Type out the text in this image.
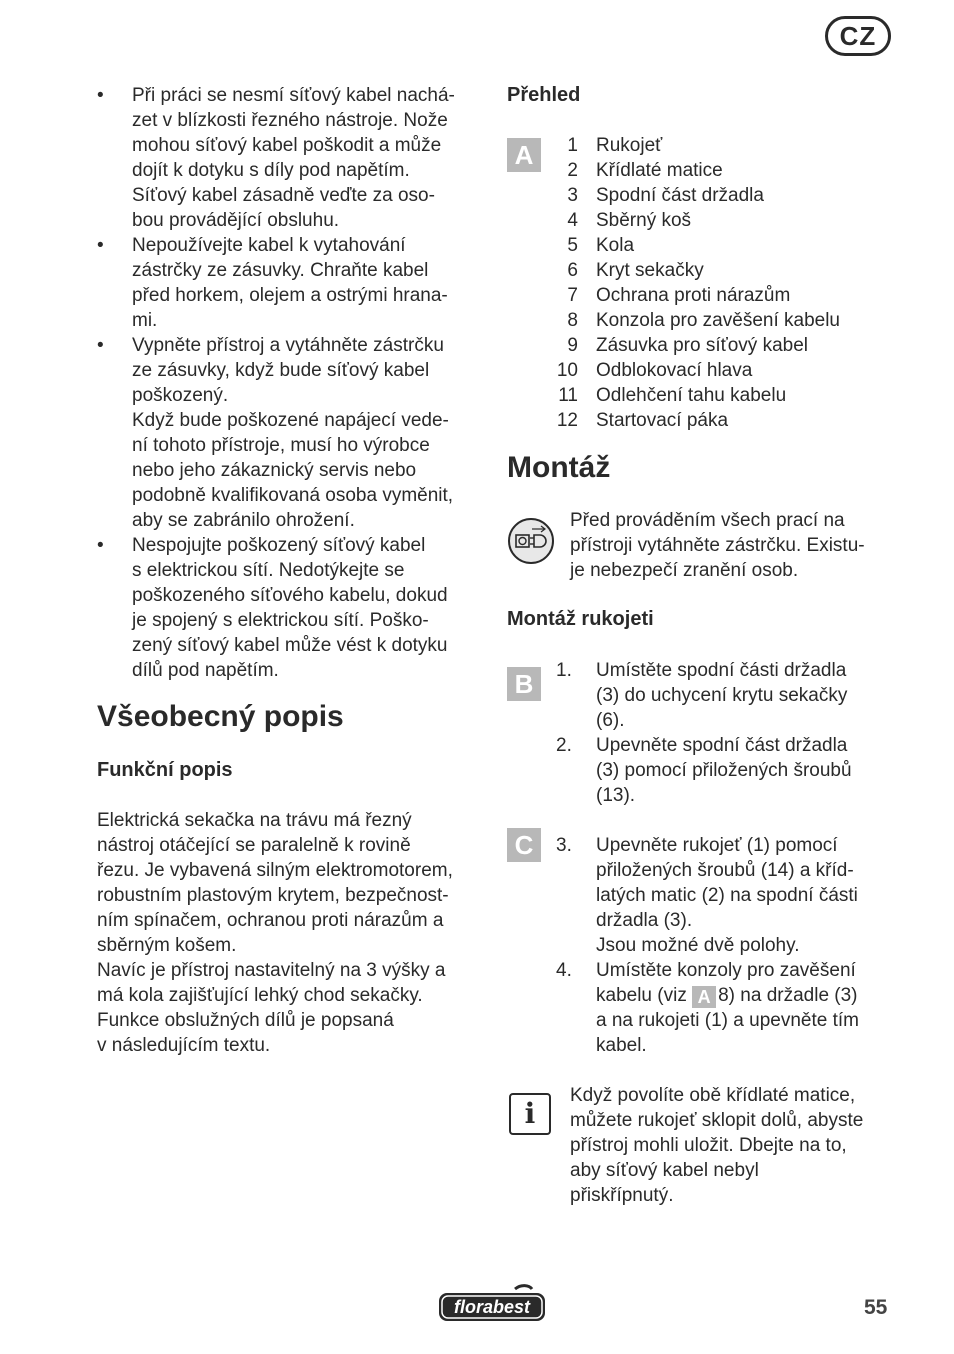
CZ
• Při práci se nesmí síťový kabel nachá-
zet v blízkosti řezného nástroje. Nože
mohou síťový kabel poškodit a může
dojít k dotyku s díly pod napětím.
Síťový kabel zásadně veďte za oso-
bou provádějící obsluhu.
• Nepoužívejte kabel k vytahování
zástrčky ze zásuvky. Chraňte kabel
před horkem, olejem a ostrými hrana-
mi.
• Vypněte přístroj a vytáhněte zástrčku
ze zásuvky, když bude síťový kabel
poškozený.
Když bude poškozené napájecí vede-
ní tohoto přístroje, musí ho výrobce
nebo jeho zákaznický servis nebo
podobně kvalifikovaná osoba vyměnit,
aby se zabránilo ohrožení.
• Nespojujte poškozený síťový kabel
s elektrickou sítí. Nedotýkejte se
poškozeného síťového kabelu, dokud
je spojený s elektrickou sítí. Poško-
zený síťový kabel může vést k dotyku
dílů pod napětím.
Všeobecný popis
Funkční popis
Elektrická sekačka na trávu má řezný
nástroj otáčející se paralelně k rovině
řezu. Je vybavená silným elektromotorem,
robustním plastovým krytem, bezpečnost-
ním spínačem, ochranou proti nárazům a
sběrným košem.
Navíc je přístroj nastavitelný na 3 výšky a
má kola zajišťující lehký chod sekačky.
Funkce obslužných dílů je popsaná
v následujícím textu.
Přehled
A	1 Rukojeť
2 Křídlaté matice
3 Spodní část držadla
4 Sběrný koš
5 Kola
6 Kryt sekačky
7 Ochrana proti nárazům
8 Konzola pro zavěšení kabelu
9 Zásuvka pro síťový kabel
10 Odblokovací hlava
11 Odlehčení tahu kabelu
12 Startovací páka
Montáž
Před prováděním všech prací na
přístroji vytáhněte zástrčku. Existu-
je nebezpečí zranění osob.
Montáž rukojeti
B	1. Umístěte spodní části držadla
(3) do uchycení krytu sekačky
(6).
2. Upevněte spodní část držadla
(3) pomocí přiložených šroubů
(13).
C	3. Upevněte rukojeť (1) pomocí
přiložených šroubů (14) a kříd-
latých matic (2) na spodní části
držadla (3).
Jsou možné dvě polohy.
4. Umístěte konzoly pro zavěšení
kabelu (viz A 8) na držadle (3)
a na rukojeti (1) a upevněte tím
kabel.
i
Když povolíte obě křídlaté matice,
můžete rukojeť sklopit dolů, abyste
přístroj mohli uložit. Dbejte na to,
aby síťový kabel nebyl
přiskřípnutý.
florabest	55
